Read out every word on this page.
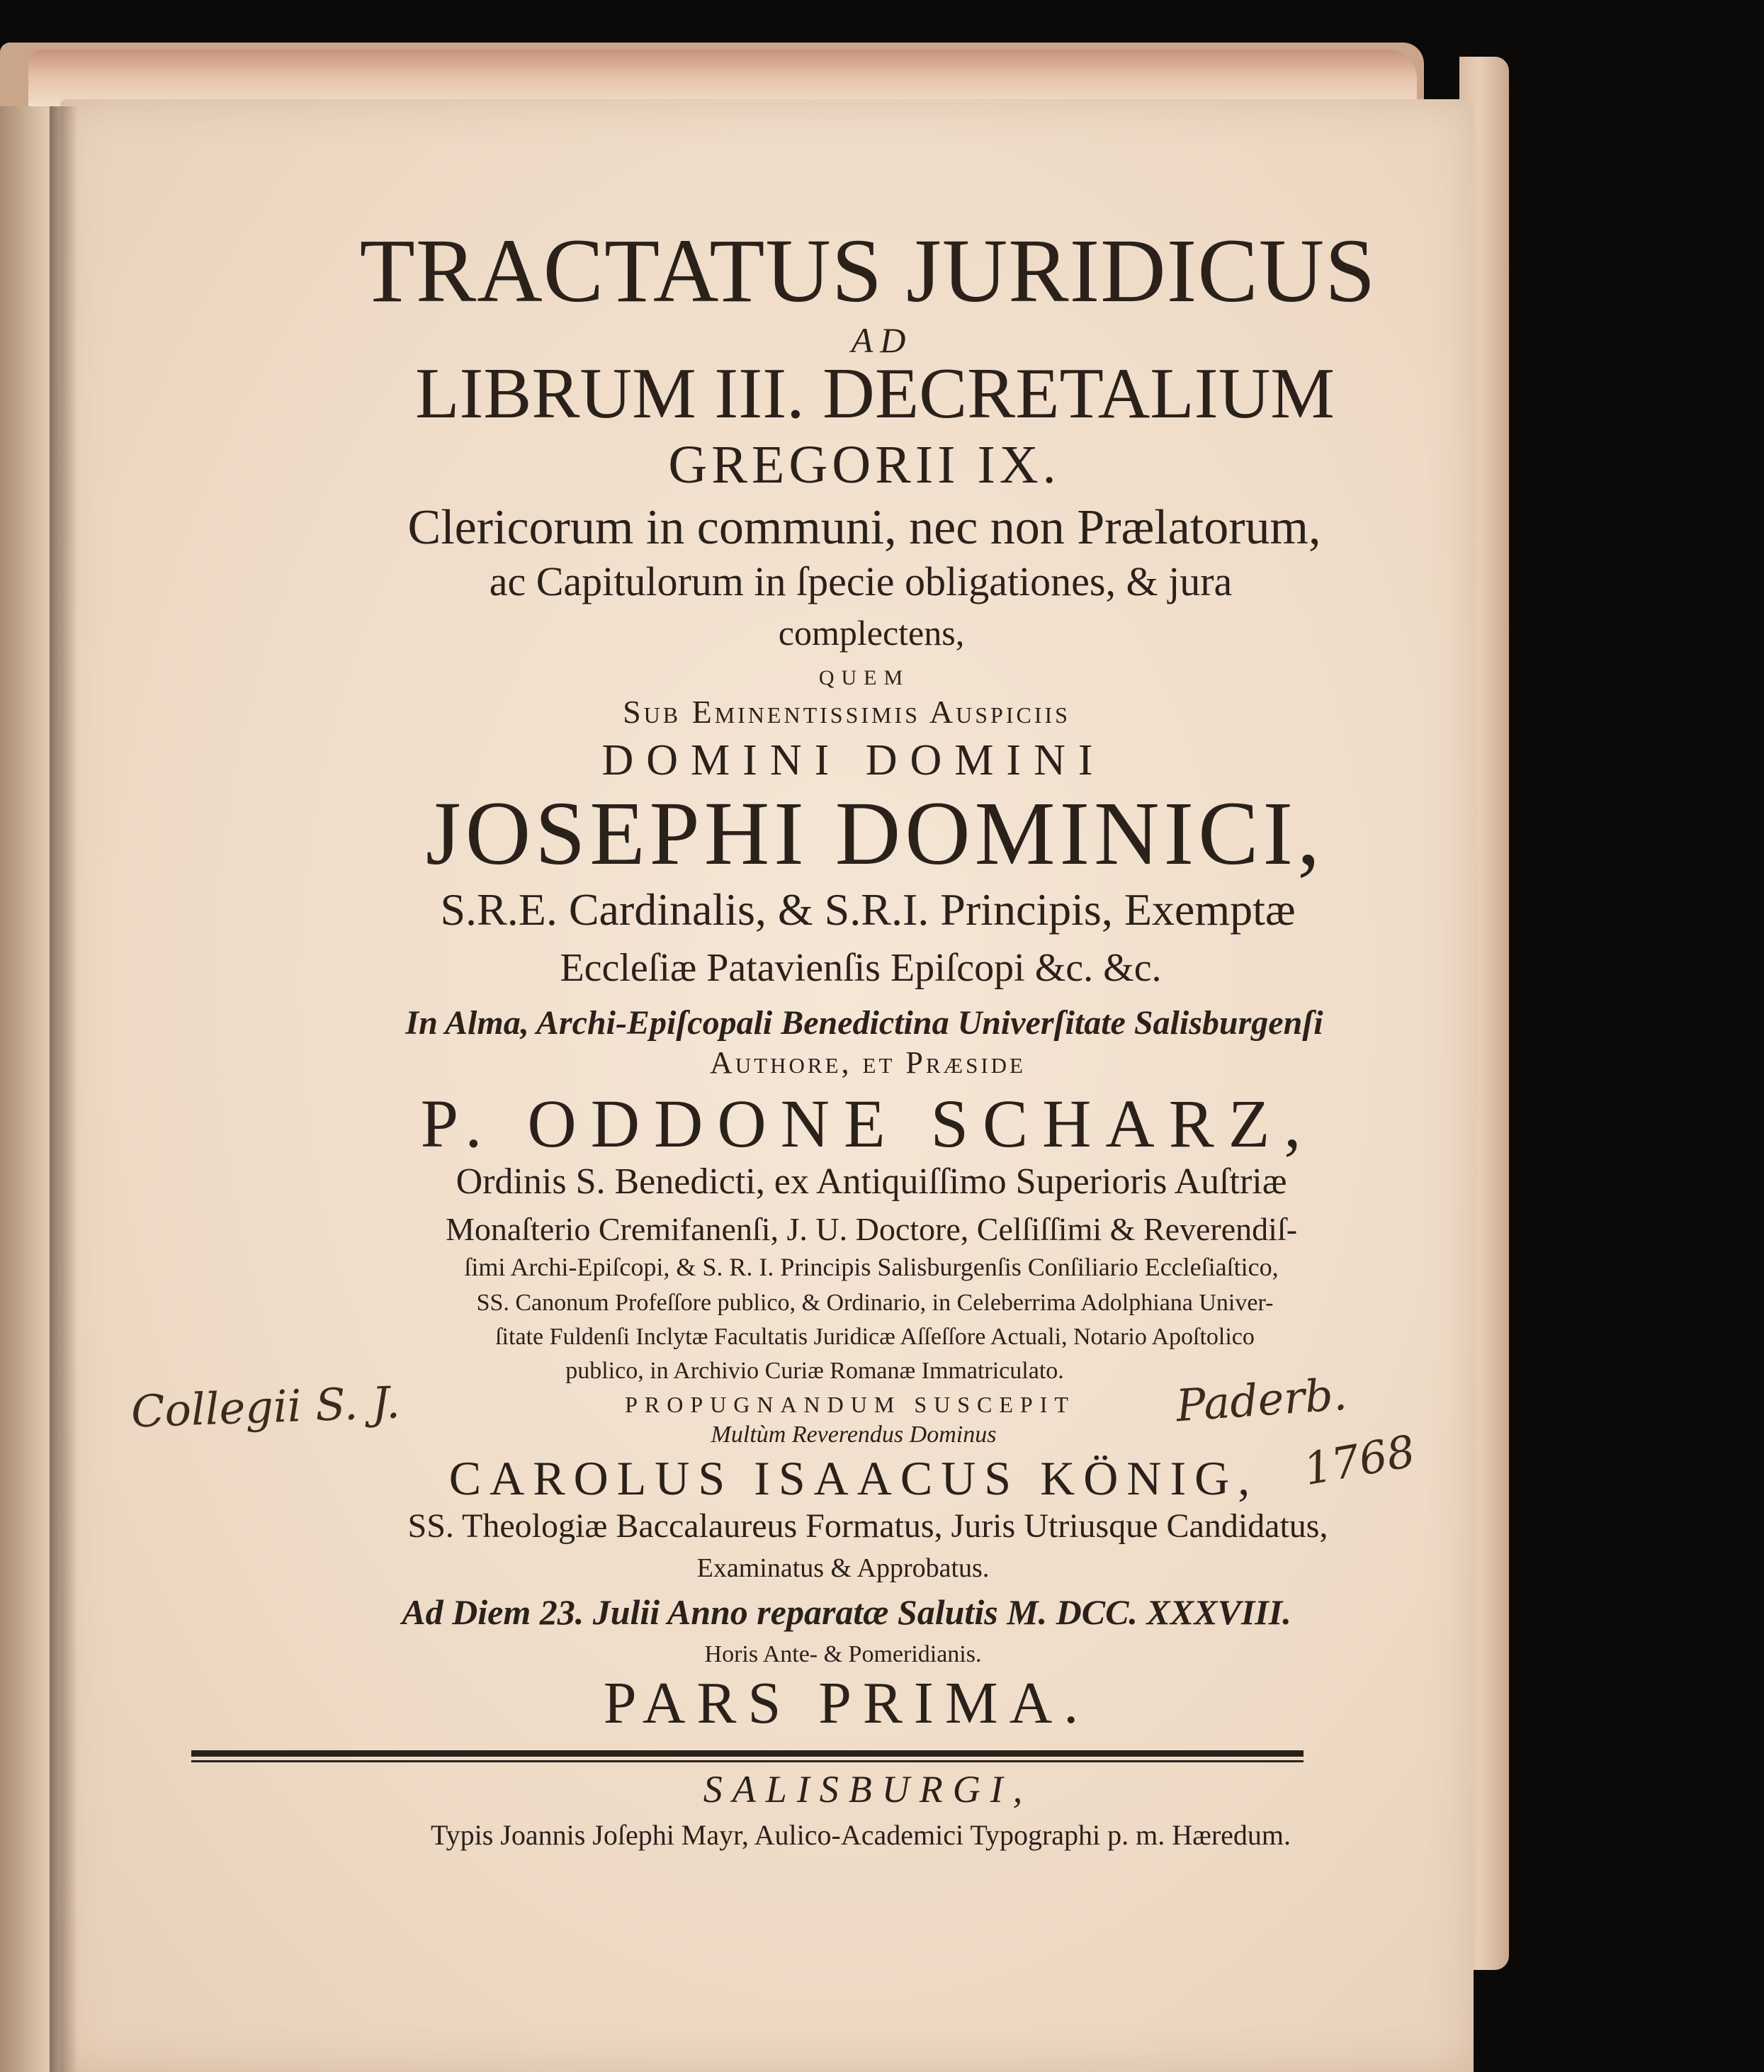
TRACTATUS JURIDICUS
AD
LIBRUM III. DECRETALIUM
GREGORII IX.
Clericorum in communi, nec non Prælatorum,
ac Capitulorum in ſpecie obligationes, & jura
complectens,
QUEM
Sub Eminentissimis Auspiciis
DOMINI DOMINI
JOSEPHI DOMINICI,
S.R.E. Cardinalis, & S.R.I. Principis, Exemptæ
Eccleſiæ Patavienſis Epiſcopi &c. &c.
In Alma, Archi-Epiſcopali Benedictina Univerſitate Salisburgenſi
Authore, et Præside
P. ODDONE SCHARZ,
Ordinis S. Benedicti, ex Antiquiſſimo Superioris Auſtriæ
Monaſterio Cremifanenſi, J. U. Doctore, Celſiſſimi & Reverendiſ-
ſimi Archi-Epiſcopi, & S. R. I. Principis Salisburgenſis Conſiliario Eccleſiaſtico,
SS. Canonum Profeſſore publico, & Ordinario, in Celeberrima Adolphiana Univer-
ſitate Fuldenſi Inclytæ Facultatis Juridicæ Aſſeſſore Actuali, Notario Apoſtolico
publico, in Archivio Curiæ Romanæ Immatriculato.
PROPUGNANDUM SUSCEPIT
Multùm Reverendus Dominus
CAROLUS ISAACUS KÖNIG,
SS. Theologiæ Baccalaureus Formatus, Juris Utriusque Candidatus,
Examinatus & Approbatus.
Ad Diem 23. Julii Anno reparatæ Salutis M. DCC. XXXVIII.
Horis Ante- & Pomeridianis.
PARS PRIMA.
SALISBURGI,
Typis Joannis Joſephi Mayr, Aulico-Academici Typographi p. m. Hæredum.
Collegii S. J.	Paderb.
1768
